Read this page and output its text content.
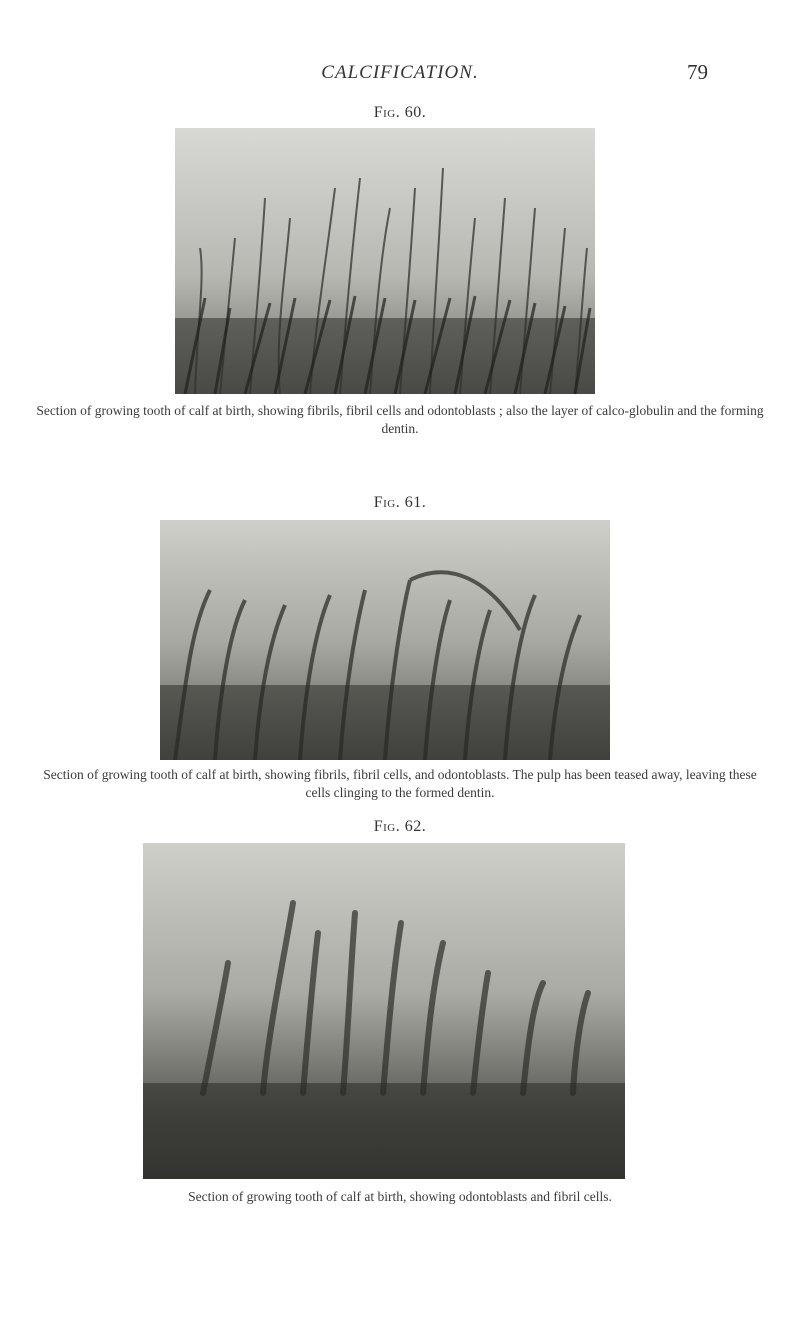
CALCIFICATION.	79
Fig. 60.
Section of growing tooth of calf at birth, showing fibrils, fibril cells and odontoblasts ; also the layer of calco-globulin and the forming dentin.
Fig. 61.
Section of growing tooth of calf at birth, showing fibrils, fibril cells, and odontoblasts. The pulp has been teased away, leaving these cells clinging to the formed dentin.
Fig. 62.
Section of growing tooth of calf at birth, showing odontoblasts and fibril cells.
